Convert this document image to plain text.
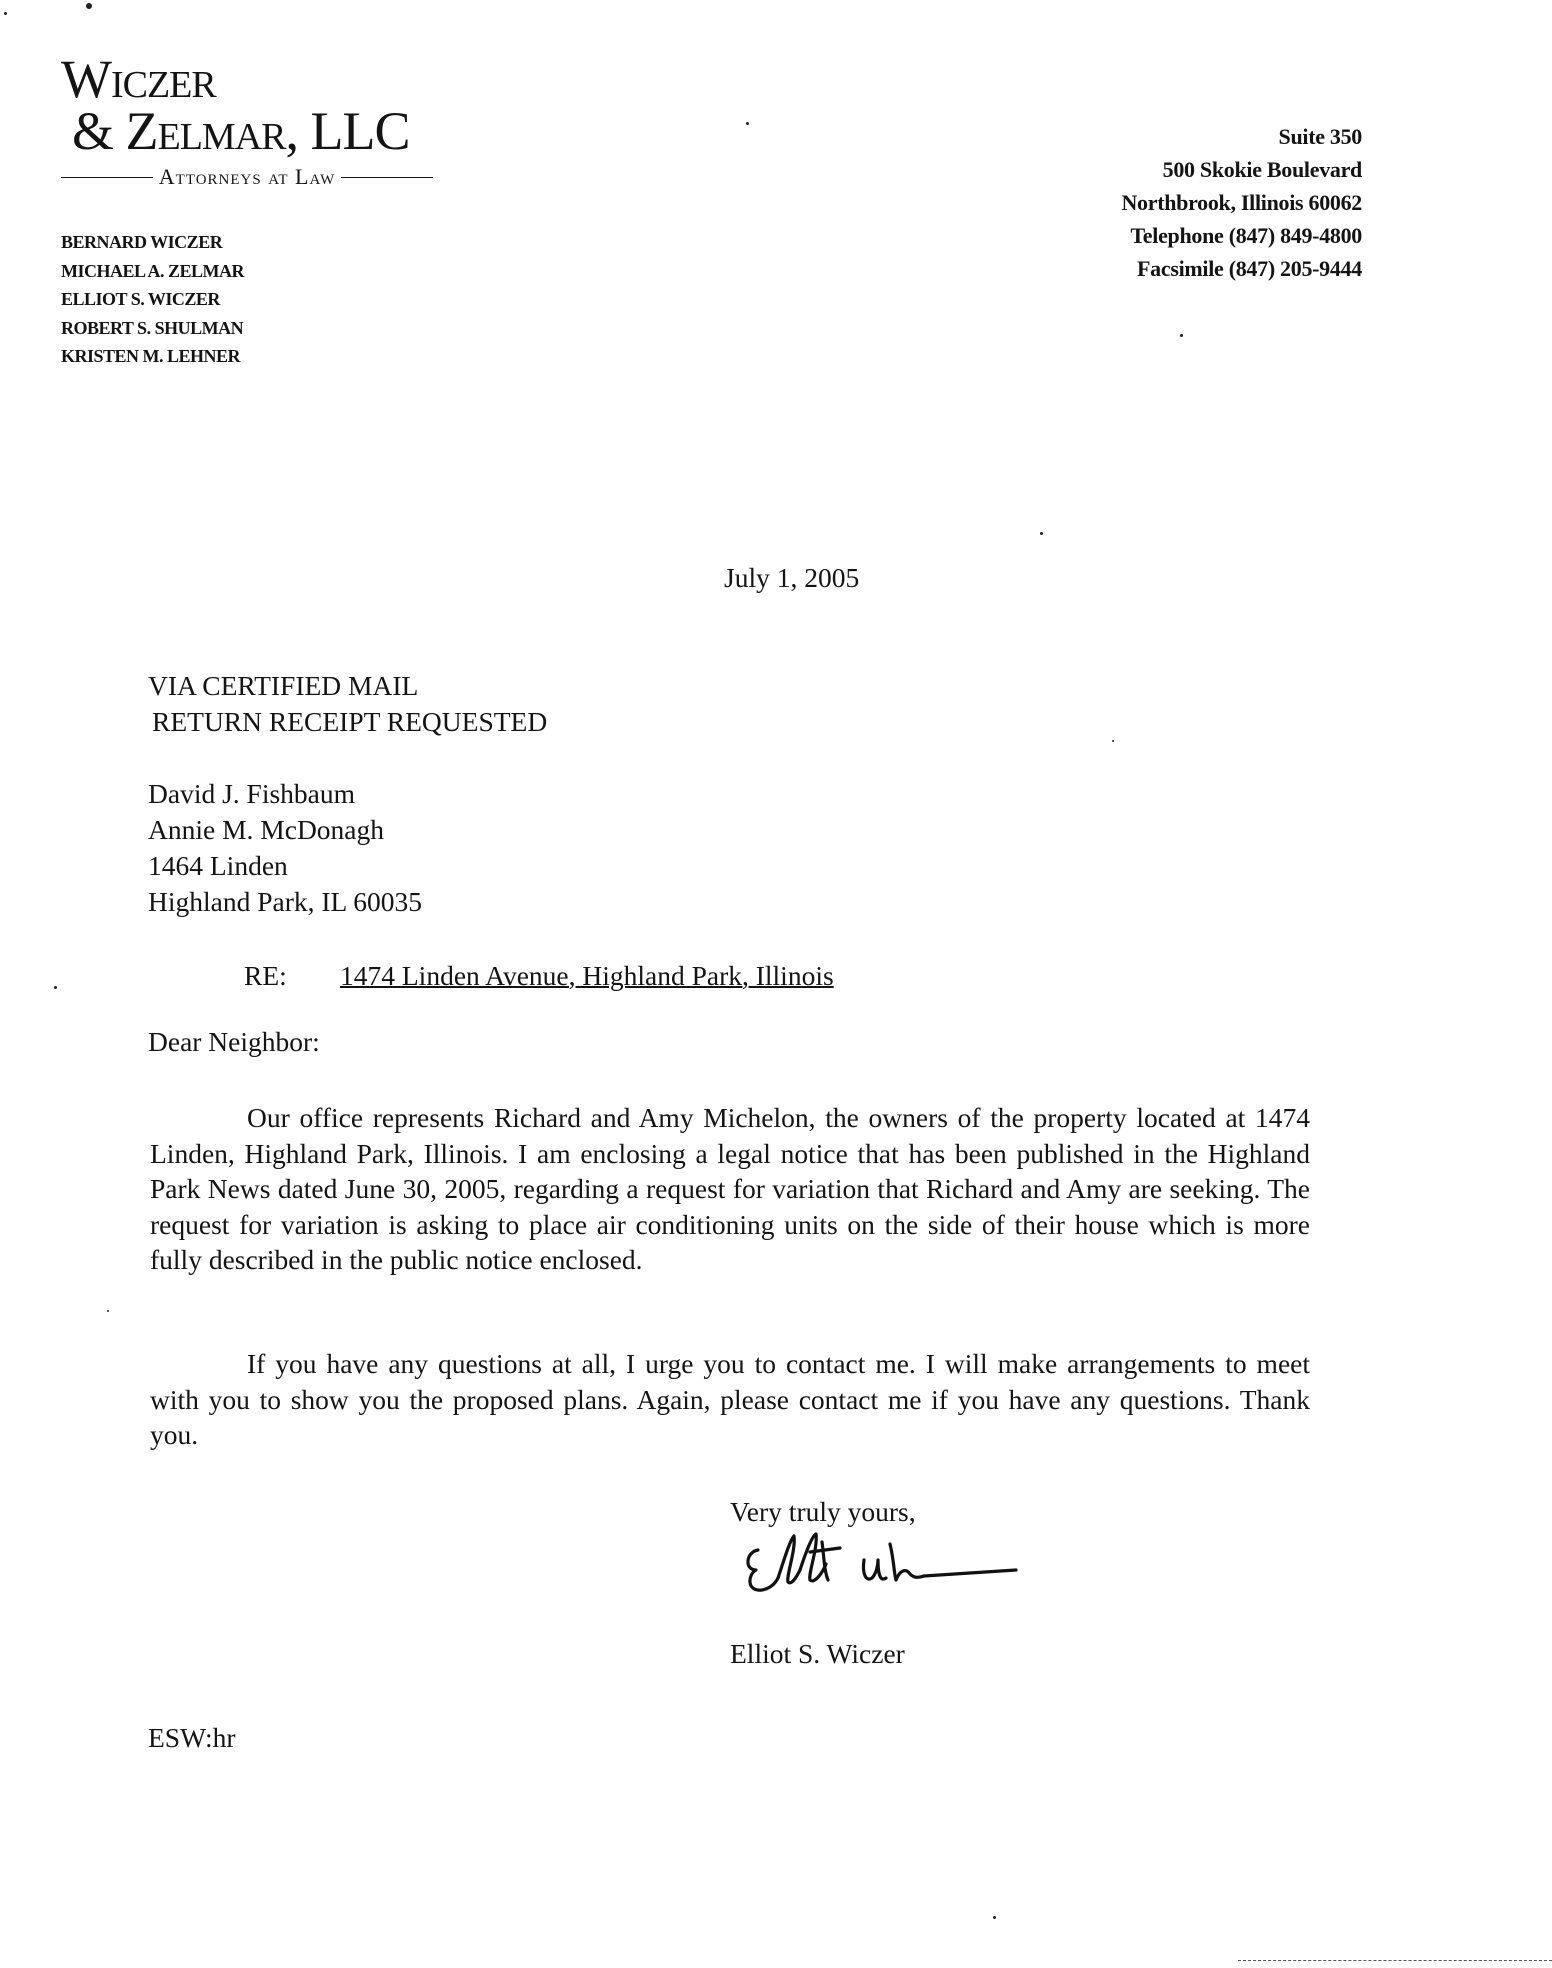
Wiczer
& Zelmar, LLC
Attorneys at Law
BERNARD WICZER
MICHAEL A. ZELMAR
ELLIOT S. WICZER
ROBERT S. SHULMAN
KRISTEN M. LEHNER
Suite 350
500 Skokie Boulevard
Northbrook, Illinois 60062
Telephone (847) 849-4800
Facsimile (847) 205-9444
July 1, 2005
VIA CERTIFIED MAIL
RETURN RECEIPT REQUESTED
David J. Fishbaum
Annie M. McDonagh
1464 Linden
Highland Park, IL 60035
RE: 1474 Linden Avenue, Highland Park, Illinois
Dear Neighbor:
Our office represents Richard and Amy Michelon, the owners of the property located at 1474 Linden, Highland Park, Illinois. I am enclosing a legal notice that has been published in the Highland Park News dated June 30, 2005, regarding a request for variation that Richard and Amy are seeking. The request for variation is asking to place air conditioning units on the side of their house which is more fully described in the public notice enclosed.
If you have any questions at all, I urge you to contact me. I will make arrangements to meet with you to show you the proposed plans. Again, please contact me if you have any questions. Thank you.
Very truly yours,
Elliot S. Wiczer
ESW:hr
